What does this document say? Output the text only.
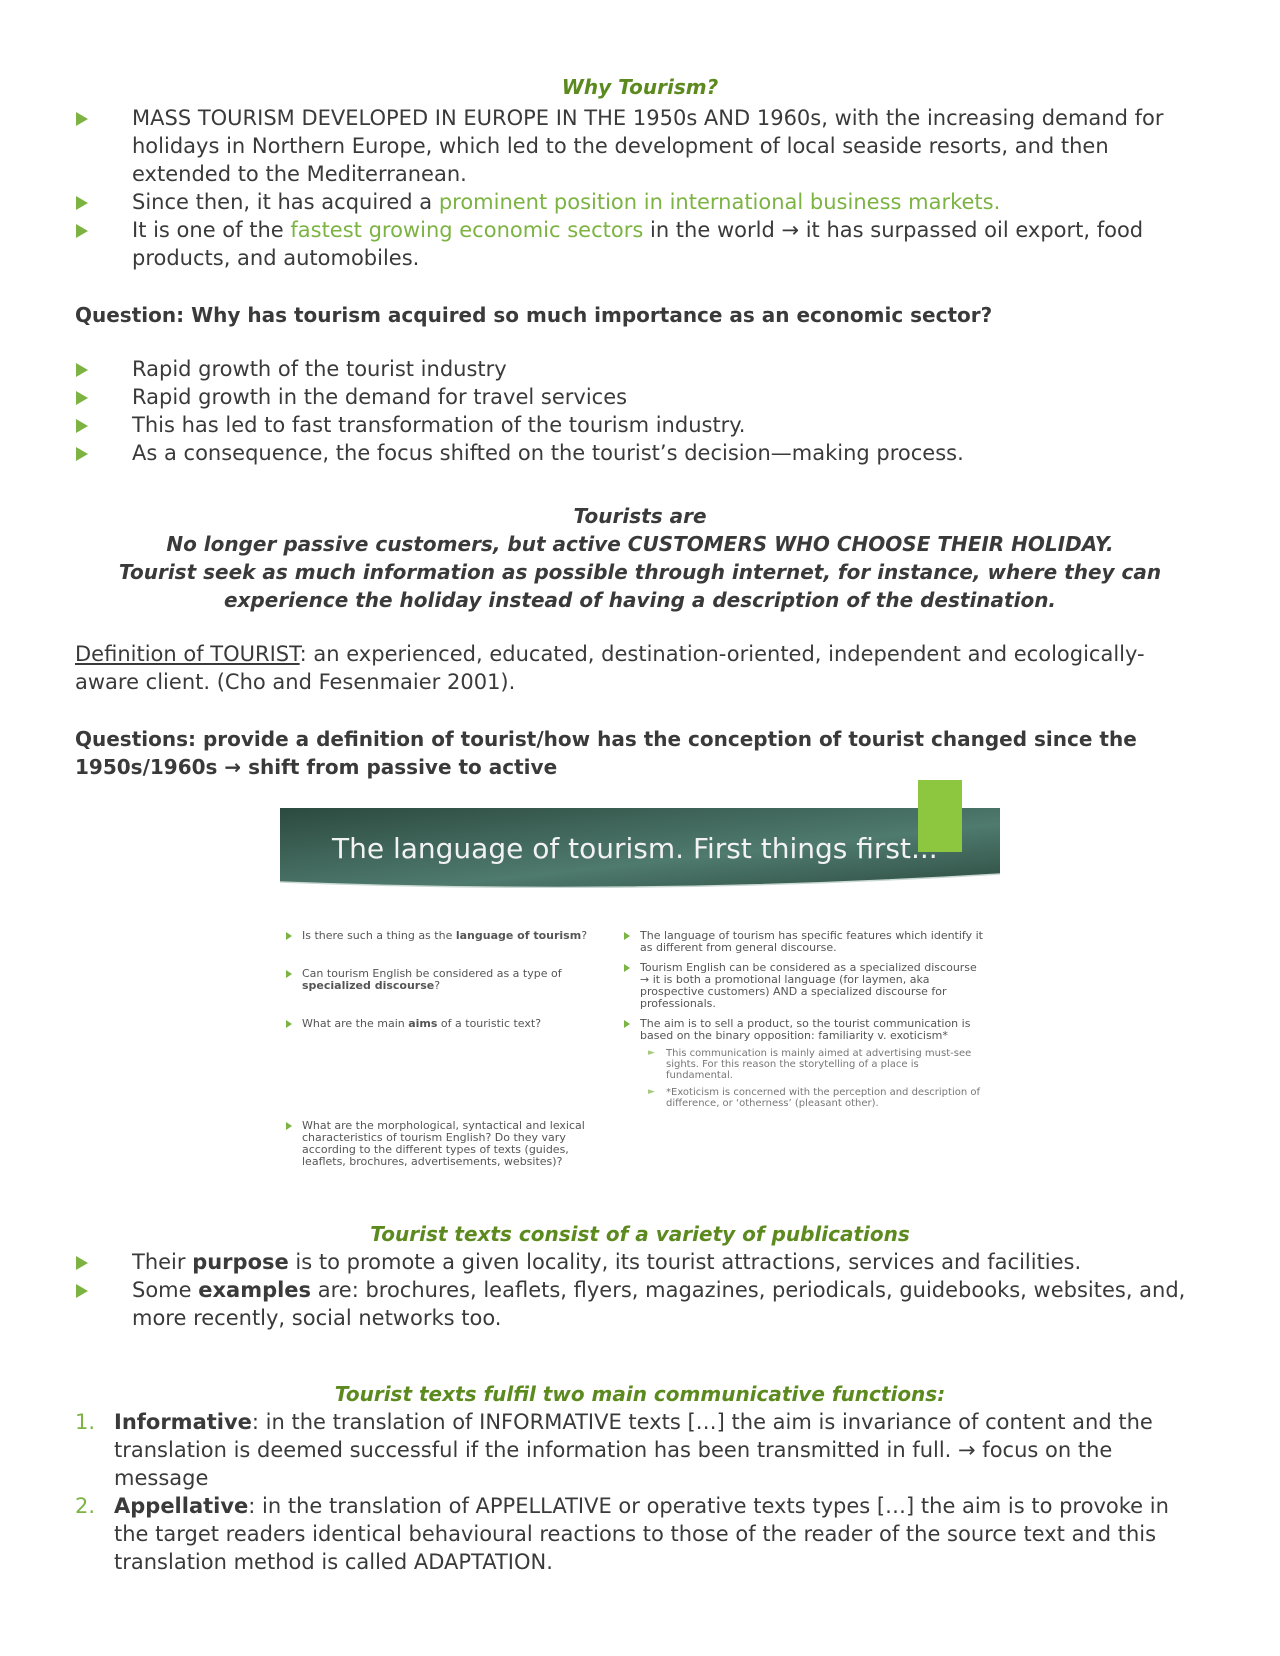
Why Tourism?
MASS TOURISM DEVELOPED IN EUROPE IN THE 1950s AND 1960s, with the increasing demand for holidays in Northern Europe, which led to the development of local seaside resorts, and then extended to the Mediterranean.
Since then, it has acquired a prominent position in international business markets.
It is one of the fastest growing economic sectors in the world → it has surpassed oil export, food products, and automobiles.
Question: Why has tourism acquired so much importance as an economic sector?
Rapid growth of the tourist industry
Rapid growth in the demand for travel services
This has led to fast transformation of the tourism industry.
As a consequence, the focus shifted on the tourist’s decision—making process.
Tourists are
No longer passive customers, but active CUSTOMERS WHO CHOOSE THEIR HOLIDAY.
Tourist seek as much information as possible through internet, for instance, where they can
experience the holiday instead of having a description of the destination.
Definition of TOURIST: an experienced, educated, destination-oriented, independent and ecologically-aware client. (Cho and Fesenmaier 2001).
Questions: provide a definition of tourist/how has the conception of tourist changed since the 1950s/1960s → shift from passive to active
The language of tourism. First things first...
Is there such a thing as the language of tourism?
Can tourism English be considered as a type of specialized discourse?
What are the main aims of a touristic text?
What are the morphological, syntactical and lexical characteristics of tourism English? Do they vary according to the different types of texts (guides, leaflets, brochures, advertisements, websites)?
The language of tourism has specific features which identify it as different from general discourse.
Tourism English can be considered as a specialized discourse → it is both a promotional language (for laymen, aka prospective customers) AND a specialized discourse for professionals.
The aim is to sell a product, so the tourist communication is based on the binary opposition: familiarity v. exoticism*
► This communication is mainly aimed at advertising must-see sights. For this reason the storytelling of a place is fundamental.
► *Exoticism is concerned with the perception and description of difference, or ‘otherness’ (pleasant other).
Tourist texts consist of a variety of publications
Their purpose is to promote a given locality, its tourist attractions, services and facilities.
Some examples are: brochures, leaflets, flyers, magazines, periodicals, guidebooks, websites, and, more recently, social networks too.
Tourist texts fulfil two main communicative functions:
1. Informative: in the translation of INFORMATIVE texts […] the aim is invariance of content and the translation is deemed successful if the information has been transmitted in full. → focus on the message
2. Appellative: in the translation of APPELLATIVE or operative texts types […] the aim is to provoke in the target readers identical behavioural reactions to those of the reader of the source text and this translation method is called ADAPTATION.
